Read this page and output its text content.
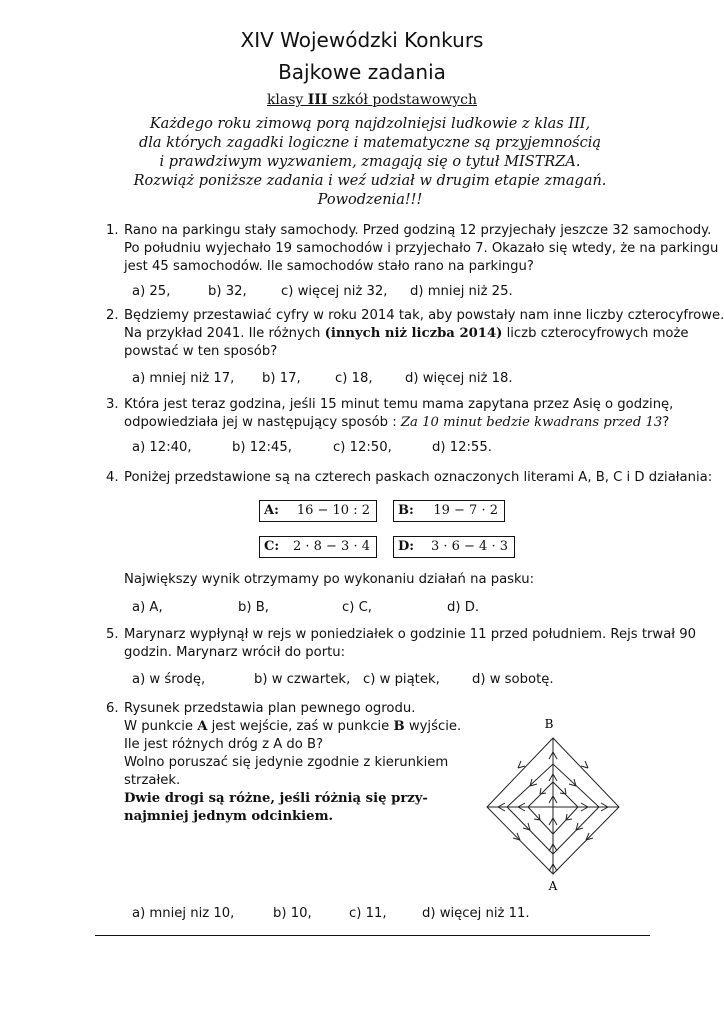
XIV Wojewódzki Konkurs
Bajkowe zadania
klasy III szkół podstawowych
Każdego roku zimową porą najdzolniejsi ludkowie z klas III,
dla których zagadki logiczne i matematyczne są przyjemnością
i prawdziwym wyzwaniem, zmagają się o tytuł MISTRZA.
Rozwiąż poniższe zadania i weź udział w drugim etapie zmagań.
Powodzenia!!!
1. Rano na parkingu stały samochody. Przed godziną 12 przyjechały jeszcze 32 samochody.
Po południu wyjechało 19 samochodów i przyjechało 7. Okazało się wtedy, że na parkingu
jest 45 samochodów. Ile samochodów stało rano na parkingu?
a) 25,	b) 32,	c) więcej niż 32, d) mniej niż 25.
2. Będziemy przestawiać cyfry w roku 2014 tak, aby powstały nam inne liczby czterocyfrowe.
Na przykład 2041. Ile różnych (innych niż liczba 2014) liczb czterocyfrowych może
powstać w ten sposób?
a) mniej niż 17, b) 17,	c) 18, d) więcej niż 18.
3. Która jest teraz godzina, jeśli 15 minut temu mama zapytana przez Asię o godzinę,
odpowiedziała jej w następujący sposób : Za 10 minut bedzie kwadrans przed 13?
a) 12:40,	b) 12:45,	c) 12:50,	d) 12:55.
4. Poniżej przedstawione są na czterech paskach oznaczonych literami A, B, C i D działania:
A: 16 − 10 : 2 B: 19 − 7 · 2
C: 2 · 8 − 3 · 4 D: 3 · 6 − 4 · 3
Największy wynik otrzymamy po wykonaniu działań na pasku:
a) A,	b) B,	c) C,	d) D.
5. Marynarz wypłynął w rejs w poniedziałek o godzinie 11 przed południem. Rejs trwał 90
godzin. Marynarz wrócił do portu:
a) w środę,	b) w czwartek, c) w piątek, d) w sobotę.
6. Rysunek przedstawia plan pewnego ogrodu.
W punkcie A jest wejście, zaś w punkcie B wyjście.
Ile jest różnych dróg z A do B?
Wolno poruszać się jedynie zgodnie z kierunkiem
strzałek.
Dwie drogi są różne, jeśli różnią się przy-
najmniej jednym odcinkiem.
B
A
a) mniej niz 10,	b) 10,	c) 11,	d) więcej niż 11.
